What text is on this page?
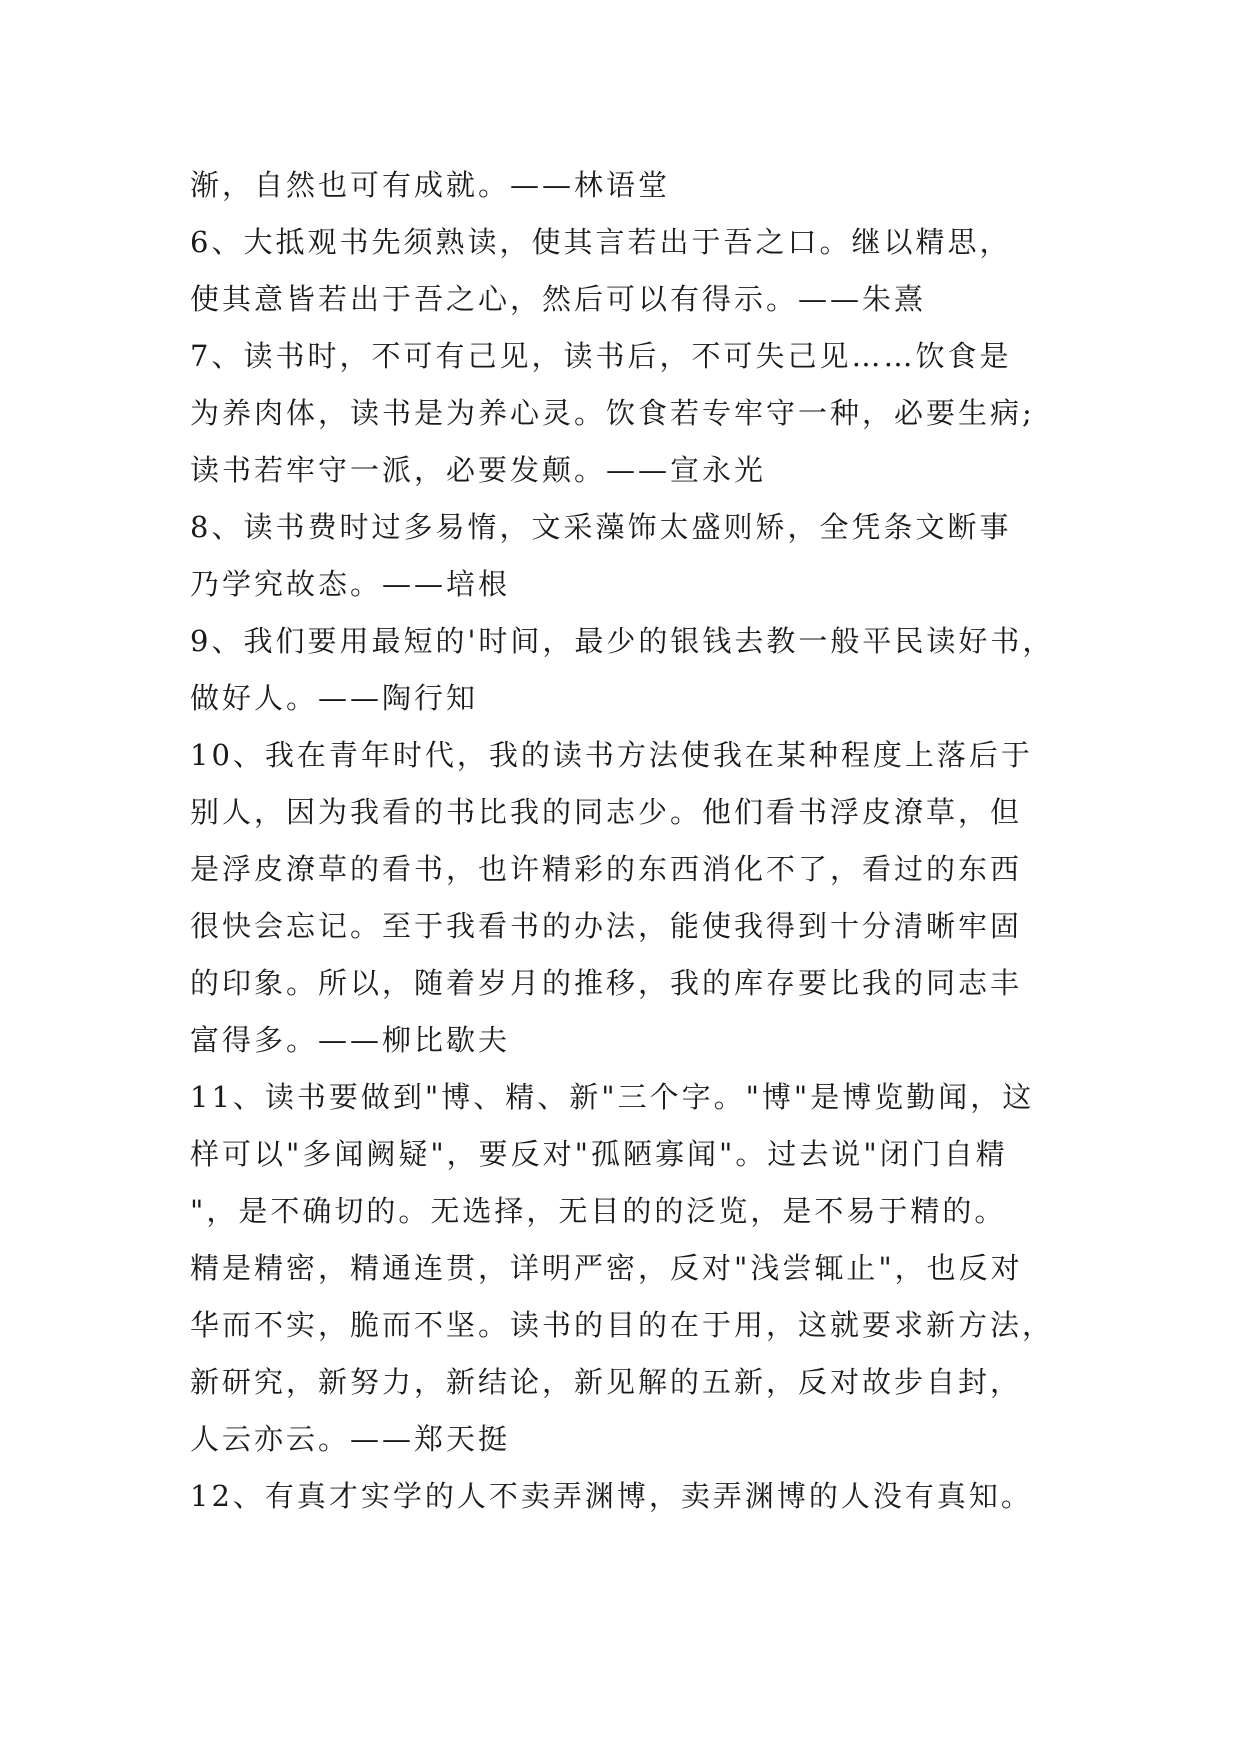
渐，自然也可有成就。——林语堂
6、大抵观书先须熟读，使其言若出于吾之口。继以精思，
使其意皆若出于吾之心，然后可以有得示。——朱熹
7、读书时，不可有己见，读书后，不可失己见……饮食是
为养肉体，读书是为养心灵。饮食若专牢守一种，必要生病;
读书若牢守一派，必要发颠。——宣永光
8、读书费时过多易惰，文采藻饰太盛则矫，全凭条文断事
乃学究故态。——培根
9、我们要用最短的'时间，最少的银钱去教一般平民读好书，
做好人。——陶行知
10、我在青年时代，我的读书方法使我在某种程度上落后于
别人，因为我看的书比我的同志少。他们看书浮皮潦草，但
是浮皮潦草的看书，也许精彩的东西消化不了，看过的东西
很快会忘记。至于我看书的办法，能使我得到十分清晰牢固
的印象。所以，随着岁月的推移，我的库存要比我的同志丰
富得多。——柳比歇夫
11、读书要做到"博、精、新"三个字。"博"是博览勤闻，这
样可以"多闻阙疑"，要反对"孤陋寡闻"。过去说"闭门自精
"，是不确切的。无选择，无目的的泛览，是不易于精的。
精是精密，精通连贯，详明严密，反对"浅尝辄止"，也反对
华而不实，脆而不坚。读书的目的在于用，这就要求新方法，
新研究，新努力，新结论，新见解的五新，反对故步自封，
人云亦云。——郑天挺
12、有真才实学的人不卖弄渊博，卖弄渊博的人没有真知。
